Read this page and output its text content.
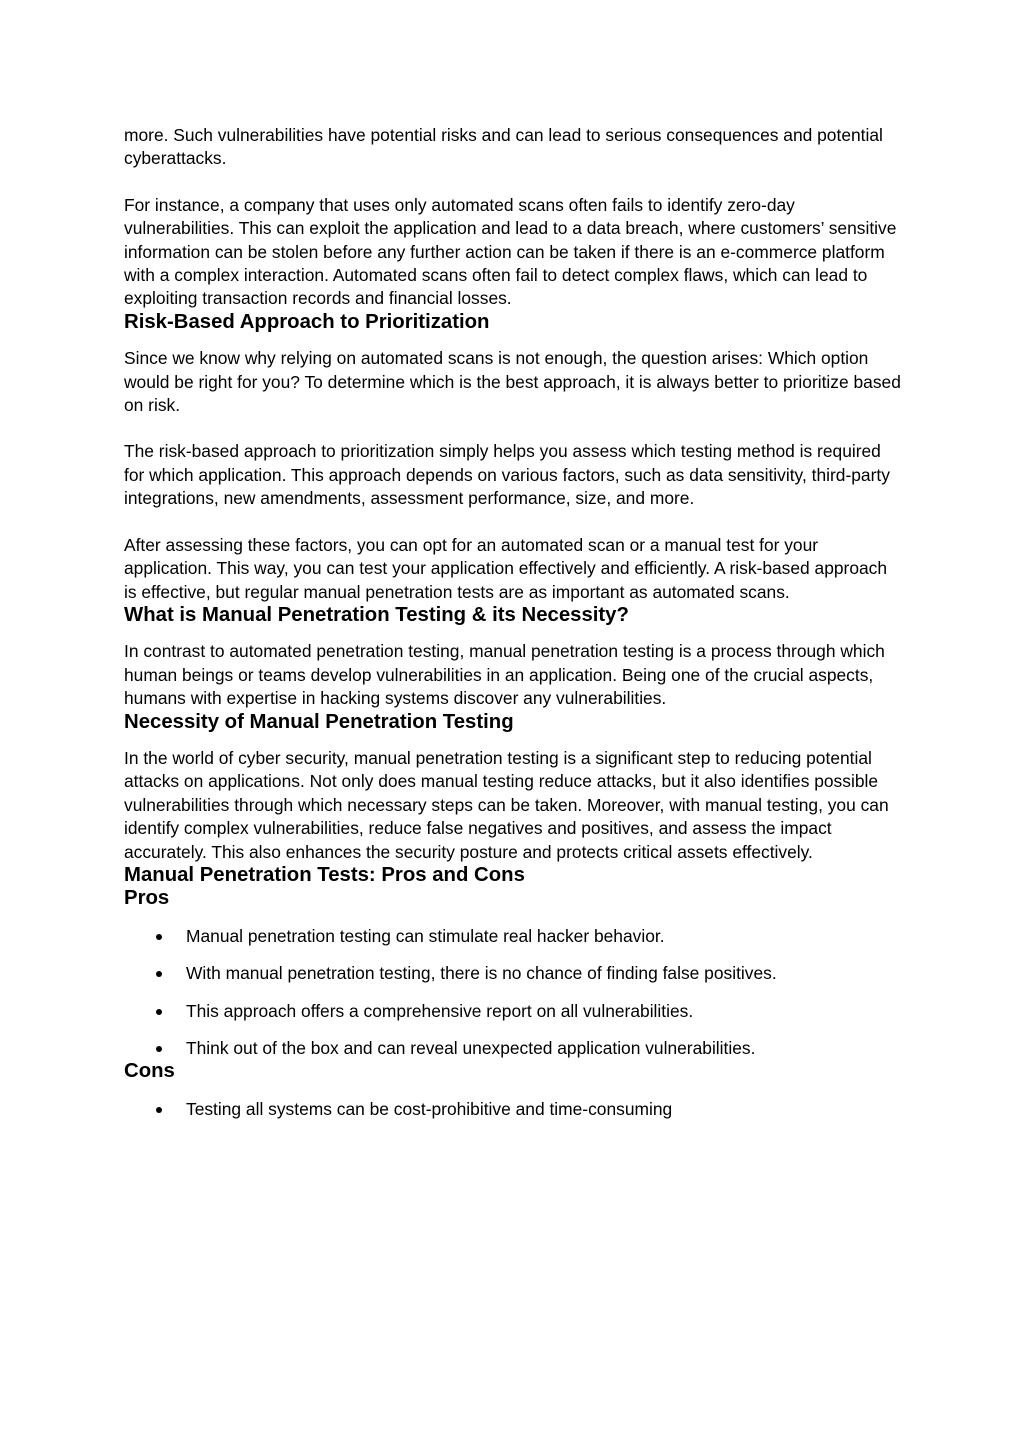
more. Such vulnerabilities have potential risks and can lead to serious consequences and potential cyberattacks.

For instance, a company that uses only automated scans often fails to identify zero-day vulnerabilities. This can exploit the application and lead to a data breach, where customers’ sensitive information can be stolen before any further action can be taken if there is an e-commerce platform with a complex interaction. Automated scans often fail to detect complex flaws, which can lead to exploiting transaction records and financial losses.

Risk-Based Approach to Prioritization

Since we know why relying on automated scans is not enough, the question arises: Which option would be right for you? To determine which is the best approach, it is always better to prioritize based on risk.

The risk-based approach to prioritization simply helps you assess which testing method is required for which application. This approach depends on various factors, such as data sensitivity, third-party integrations, new amendments, assessment performance, size, and more.

After assessing these factors, you can opt for an automated scan or a manual test for your application. This way, you can test your application effectively and efficiently. A risk-based approach is effective, but regular manual penetration tests are as important as automated scans.

What is Manual Penetration Testing & its Necessity?

In contrast to automated penetration testing, manual penetration testing is a process through which human beings or teams develop vulnerabilities in an application. Being one of the crucial aspects, humans with expertise in hacking systems discover any vulnerabilities.

Necessity of Manual Penetration Testing

In the world of cyber security, manual penetration testing is a significant step to reducing potential attacks on applications. Not only does manual testing reduce attacks, but it also identifies possible vulnerabilities through which necessary steps can be taken. Moreover, with manual testing, you can identify complex vulnerabilities, reduce false negatives and positives, and assess the impact accurately. This also enhances the security posture and protects critical assets effectively.

Manual Penetration Tests: Pros and Cons
Pros
Manual penetration testing can stimulate real hacker behavior.
With manual penetration testing, there is no chance of finding false positives.
This approach offers a comprehensive report on all vulnerabilities.
Think out of the box and can reveal unexpected application vulnerabilities.
Cons
Testing all systems can be cost-prohibitive and time-consuming
